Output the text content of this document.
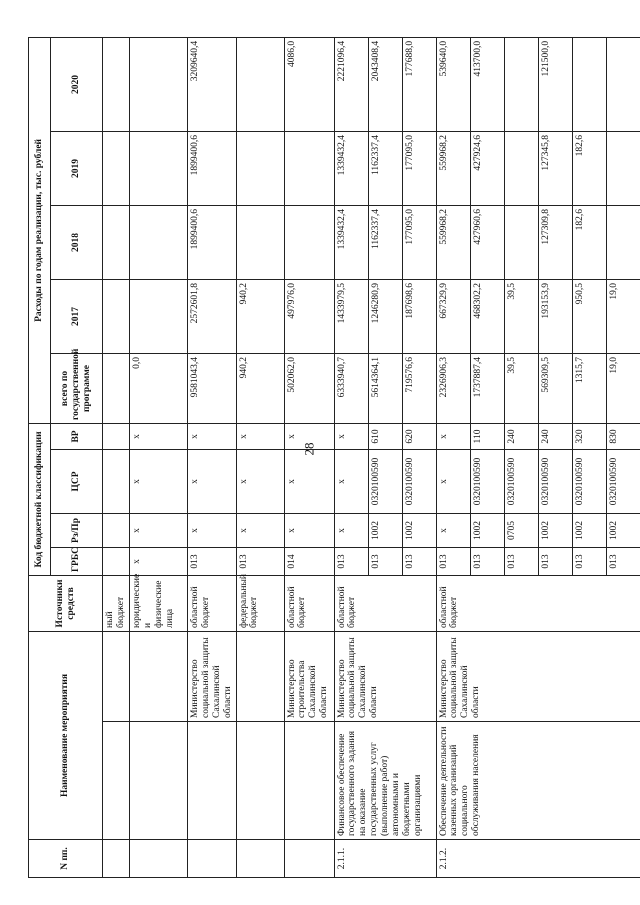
28
N пп.	Наименование мероприятия		Источники средств	Код бюджетной классификации				Расходы по годам реализации, тыс. рублей				
				ГРБС	Рз/Пр	ЦСР	ВР	всего по государственной программе	2017	2018	2019	2020
			ный бюджет									
			юридические и физические лица	x	x	x	x	0,0				
		Министерство социальной защиты Сахалинской области	областной бюджет	013	x	x	x	9581043,4	2572601,8	1899400,6	1899400,6	3209640,4
			федеральный бюджет	013	x	x	x	940,2	940,2			
		Министерство строительства Сахалинской области	областной бюджет	014	x	x	x	502062,0	497976,0			4086,0
2.1.1.	Финансовое обеспечение государственного задания на оказание государственных услуг (выполнение работ) автономными и бюджетными организациями	Министерство социальной защиты Сахалинской области	областной бюджет	013	x	x	x	6333940,7	1433979,5	1339432,4	1339432,4	2221096,4
				013	1002	0320100590	610	5614364,1	1246280,9	1162337,4	1162337,4	2043408,4
				013	1002	0320100590	620	719576,6	187698,6	177095,0	177095,0	177688,0
2.1.2.	Обеспечение деятельности казенных организаций социального обслуживания населения	Министерство социальной защиты Сахалинской области	областной бюджет	013	x	x	x	2326906,3	667329,9	559968,2	559968,2	539640,0
				013	1002	0320100590	110	1737887,4	468302,2	427960,6	427924,6	413700,0
				013	0705	0320100590	240	39,5	39,5			
				013	1002	0320100590	240	569309,5	193153,9	127309,8	127345,8	121500,0
				013	1002	0320100590	320	1315,7	950,5	182,6	182,6	
				013	1002	0320100590	830	19,0	19,0			
